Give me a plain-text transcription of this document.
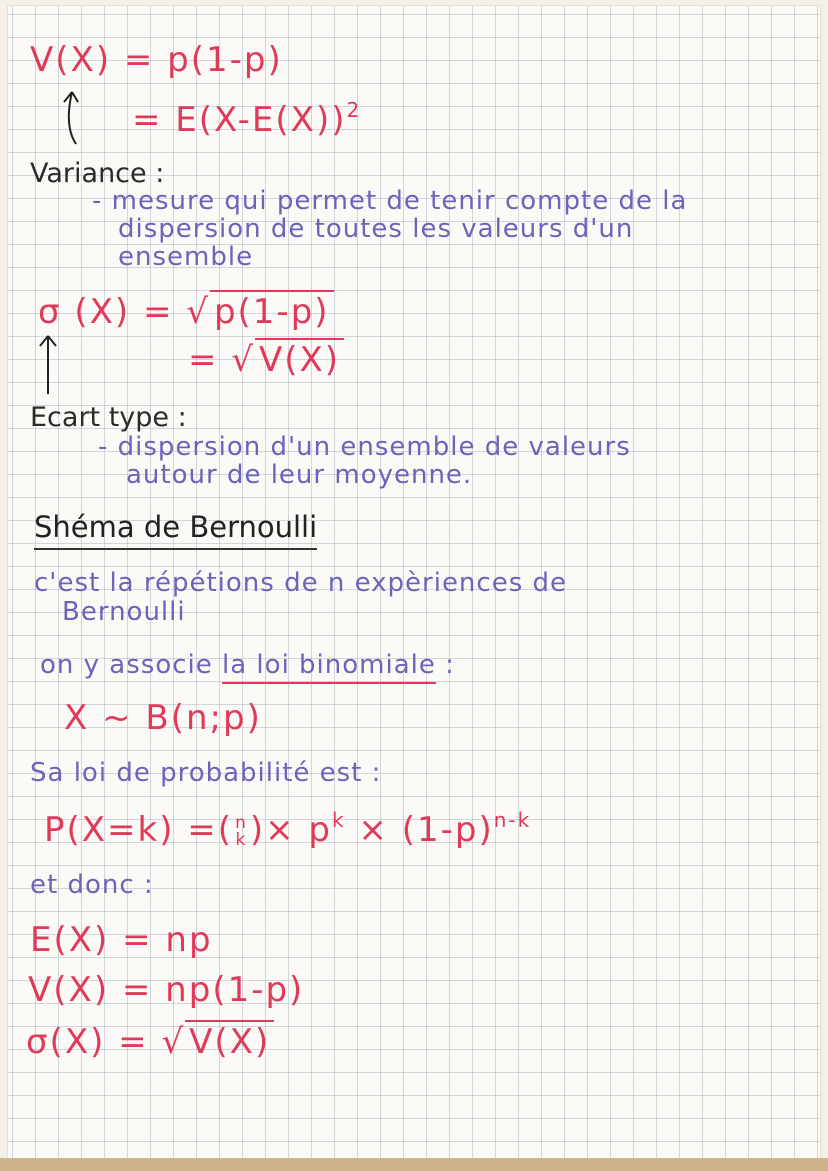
V(X) = p(1-p)
= $E(X-E(X))^2$
Variance :
- mesure qui permet de tenir compte de la
dispersion de toutes les valeurs d'un
ensemble
σ (X) = √ p(1-p)
= √ V(X)
Ecart type :
- dispersion d'un ensemble de valeurs
autour de leur moyenne.
Shéma de Bernoulli
c'est la répétions de n expèriences de
Bernoulli
on y associe la loi binomiale :
X ~ B(n;p)
Sa loi de probabilité est :
P(X=k) =( n
$k)\times p^k \times (1-p)^{n-k}$
et donc :
E(X) = np
V(X) = np(1-p)
σ(X) = √ V(X)
